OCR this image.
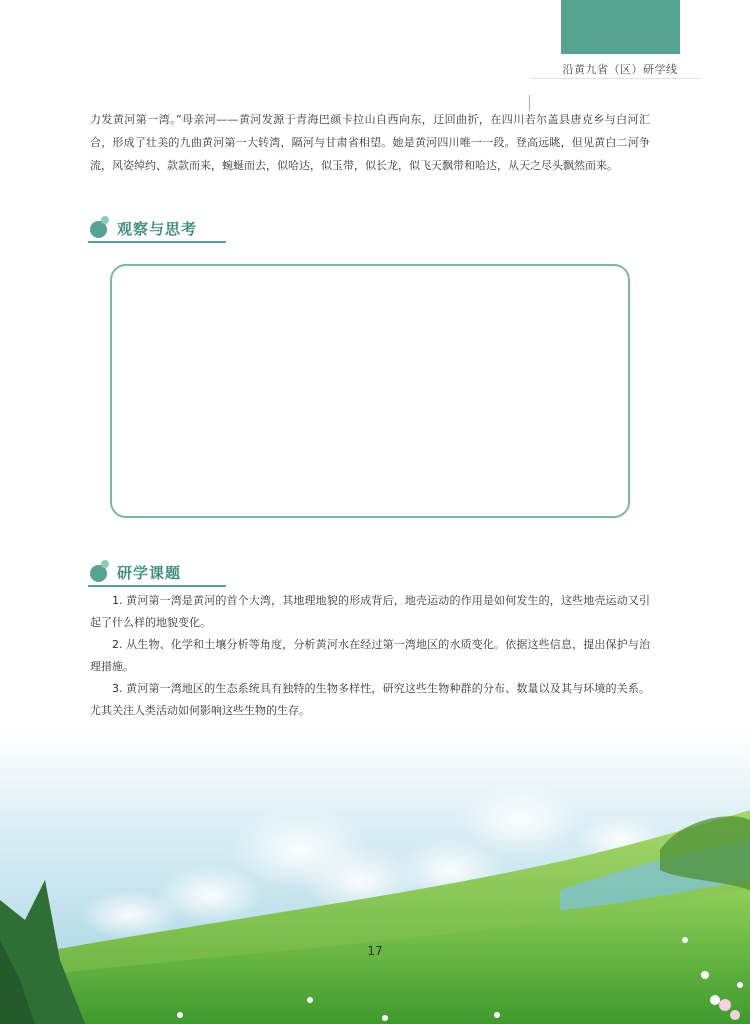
沿黄九省（区）研学线
力发黄河第一湾。”母亲河——黄河发源于青海巴颜卡拉山自西向东，迂回曲折，在四川若尔盖县唐克乡与白河汇合，形成了壮美的九曲黄河第一大转湾，隔河与甘肃省相望。她是黄河四川唯一一段。登高远眺，但见黄白二河争流，风姿绰约、款款而来，蜿蜒而去，似哈达，似玉带，似长龙，似飞天飘带和哈达，从天之尽头飘然而来。
观察与思考
研学课题

1. 黄河第一湾是黄河的首个大湾，其地理地貌的形成背后，地壳运动的作用是如何发生的，这些地壳运动又引起了什么样的地貌变化。

2. 从生物、化学和土壤分析等角度，分析黄河水在经过第一湾地区的水质变化。依据这些信息，提出保护与治理措施。

3. 黄河第一湾地区的生态系统具有独特的生物多样性，研究这些生物种群的分布、数量以及其与环境的关系。尤其关注人类活动如何影响这些生物的生存。

17
